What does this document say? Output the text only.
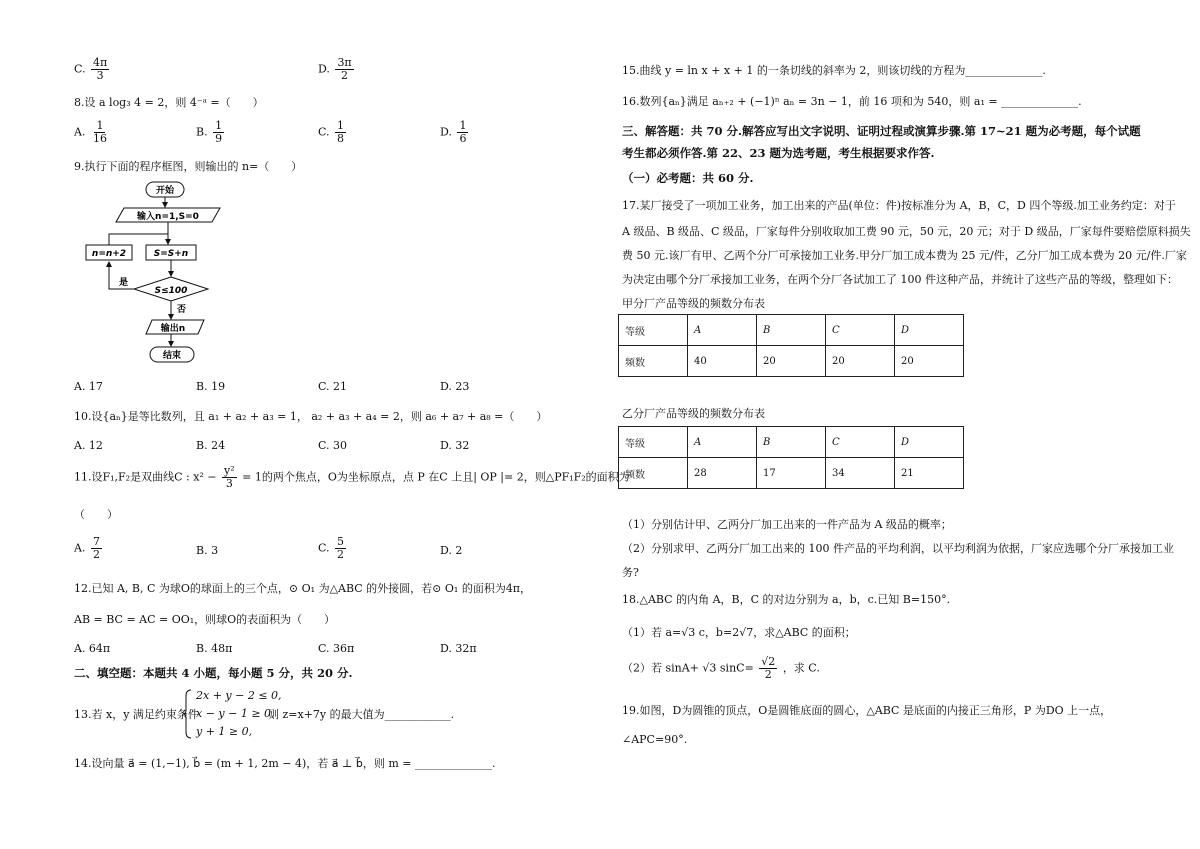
C. $\frac{4\pi}{3}$	D. $\frac{3\pi}{2}$
8.设 a log₃ 4 = 2，则 4⁻ᵃ =（　　）
A. $\frac{1}{16}$	B. $\frac{1}{9}$	C. $\frac{1}{8}$	D. $\frac{1}{6}$
9.执行下面的程序框图，则输出的 n=（　　）
开始
输入n=1,S=0
S=S+n
n=n+2
S≤100
是
否
输出n
结束
A. 17	B. 19	C. 21	D. 23
10.设{aₙ}是等比数列，且 a₁ + a₂ + a₃ = 1， a₂ + a₃ + a₄ = 2，则 a₆ + a₇ + a₈ =（　　）
A. 12	B. 24	C. 30	D. 32
11.设F₁,F₂是双曲线C : $x^2 - \frac{\text{y²}}{3} = 1$的两个焦点，O为坐标原点，点 P 在C 上且| OP |= 2，则△PF₁F₂的面积为
（　　）
A. $\frac{7}{2}$	B. 3	C. $\frac{5}{2}$	D. 2
12.已知 A, B, C 为球O的球面上的三个点，⊙ O₁ 为△ABC 的外接圆，若⊙ O₁ 的面积为4π，
AB = BC = AC = OO₁，则球O的表面积为（　　）
A. 64π	B. 48π	C. 36π	D. 32π
二、填空题：本题共 4 小题，每小题 5 分，共 20 分.
13.若 x，y 满足约束条件
2x + y − 2 ≤ 0,
x − y − 1 ≥ 0,
y + 1 ≥ 0,
则 z=x+7y 的最大值为____________.
14.设向量 a⃗ = (1,−1), b⃗ = (m + 1, 2m − 4)，若 a⃗ ⊥ b⃗，则 m = ______________.
15.曲线 y = ln x + x + 1 的一条切线的斜率为 2，则该切线的方程为______________.
16.数列{aₙ}满足 aₙ₊₂ + (−1)ⁿ aₙ = 3n − 1，前 16 项和为 540，则 a₁ = ______________.
三、解答题：共 70 分.解答应写出文字说明、证明过程或演算步骤.第 17~21 题为必考题，每个试题
考生都必须作答.第 22、23 题为选考题，考生根据要求作答.
（一）必考题：共 60 分.
17.某厂接受了一项加工业务，加工出来的产品(单位：件)按标准分为 A，B，C，D 四个等级.加工业务约定：对于
A 级品、B 级品、C 级品，厂家每件分别收取加工费 90 元，50 元，20 元；对于 D 级品，厂家每件要赔偿原料损失
费 50 元.该厂有甲、乙两个分厂可承接加工业务.甲分厂加工成本费为 25 元/件，乙分厂加工成本费为 20 元/件.厂家
为决定由哪个分厂承接加工业务，在两个分厂各试加工了 100 件这种产品，并统计了这些产品的等级，整理如下：
甲分厂产品等级的频数分布表
等级	A	B	C	D
频数	40	20	20	20
乙分厂产品等级的频数分布表
等级	A	B	C	D
频数	28	17	34	21
（1）分别估计甲、乙两分厂加工出来的一件产品为 A 级品的概率；
（2）分别求甲、乙两分厂加工出来的 100 件产品的平均利润，以平均利润为依据，厂家应选哪个分厂承接加工业
务?
18.△ABC 的内角 A，B，C 的对边分别为 a，b，c.已知 B=150°.
（1）若 a=√3 c，b=2√7，求△ABC 的面积；
（2）若 sinA+ √3 $\sin C= \frac{√2}{2}$ ，求 C.
19.如图，D为圆锥的顶点，O是圆锥底面的圆心，△ABC 是底面的内接正三角形，P 为DO 上一点，
∠APC=90°.
